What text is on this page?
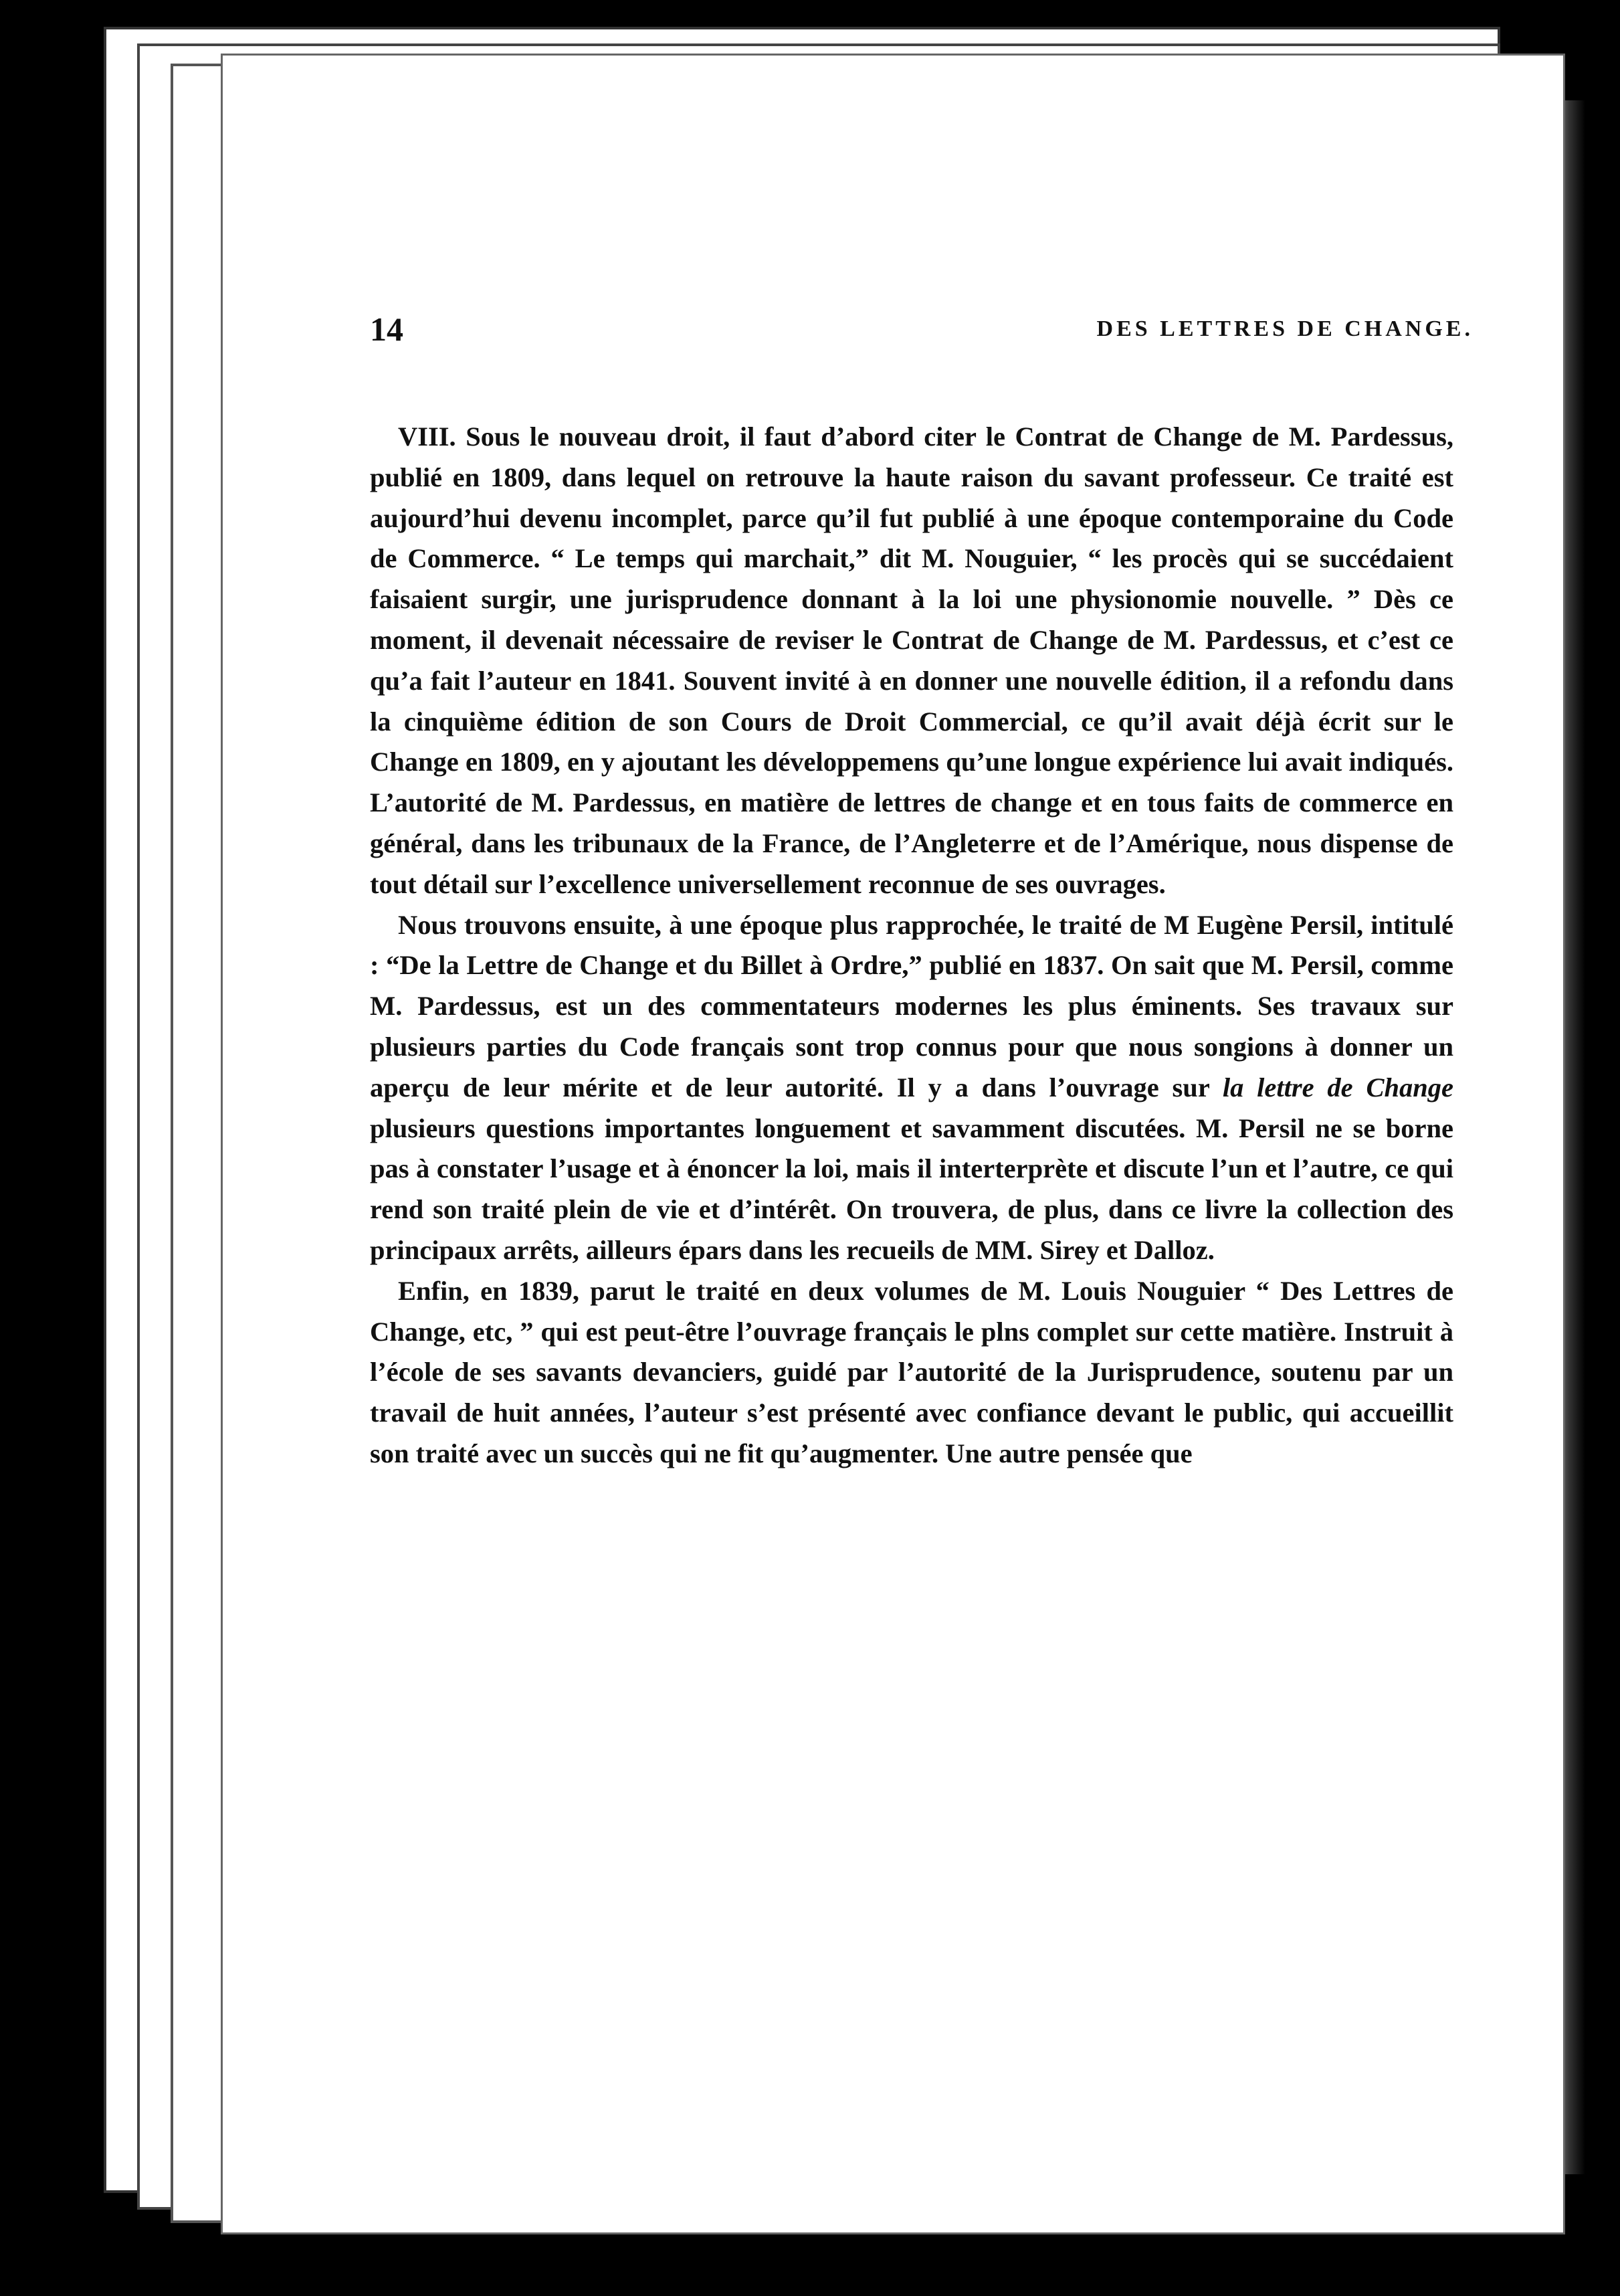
14	DES LETTRES DE CHANGE.

VIII. Sous le nouveau droit, il faut d’abord citer le Contrat de Change de M. Pardessus, publié en 1809, dans lequel on retrouve la haute raison du savant professeur. Ce traité est aujourd’hui devenu incomplet, parce qu’il fut publié à une époque contemporaine du Code de Commerce. “ Le temps qui marchait,” dit M. Nouguier, “ les procès qui se succédaient faisaient surgir, une jurisprudence donnant à la loi une physionomie nouvelle. ” Dès ce moment, il devenait nécessaire de reviser le Contrat de Change de M. Pardessus, et c’est ce qu’a fait l’auteur en 1841. Souvent invité à en donner une nouvelle édition, il a refondu dans la cinquième édition de son Cours de Droit Commercial, ce qu’il avait déjà écrit sur le Change en 1809, en y ajoutant les développemens qu’une longue expérience lui avait indiqués. L’autorité de M. Pardessus, en matière de lettres de change et en tous faits de commerce en général, dans les tribunaux de la France, de l’Angleterre et de l’Amérique, nous dispense de tout détail sur l’excellence universellement reconnue de ses ouvrages.

Nous trouvons ensuite, à une époque plus rapprochée, le traité de M Eugène Persil, intitulé : “De la Lettre de Change et du Billet à Ordre,” publié en 1837. On sait que M. Persil, comme M. Pardessus, est un des commentateurs modernes les plus éminents. Ses travaux sur plusieurs parties du Code français sont trop connus pour que nous songions à donner un aperçu de leur mérite et de leur autorité. Il y a dans l’ouvrage sur la lettre de Change plusieurs questions importantes longuement et savamment discutées. M. Persil ne se borne pas à constater l’usage et à énoncer la loi, mais il interterprète et discute l’un et l’autre, ce qui rend son traité plein de vie et d’intérêt. On trouvera, de plus, dans ce livre la collection des principaux arrêts, ailleurs épars dans les recueils de MM. Sirey et Dalloz.

Enfin, en 1839, parut le traité en deux volumes de M. Louis Nouguier “ Des Lettres de Change, etc, ” qui est peut-être l’ouvrage français le plns complet sur cette matière. Instruit à l’école de ses savants devanciers, guidé par l’autorité de la Jurisprudence, soutenu par un travail de huit années, l’auteur s’est présenté avec confiance devant le public, qui accueillit son traité avec un succès qui ne fit qu’augmenter. Une autre pensée que
